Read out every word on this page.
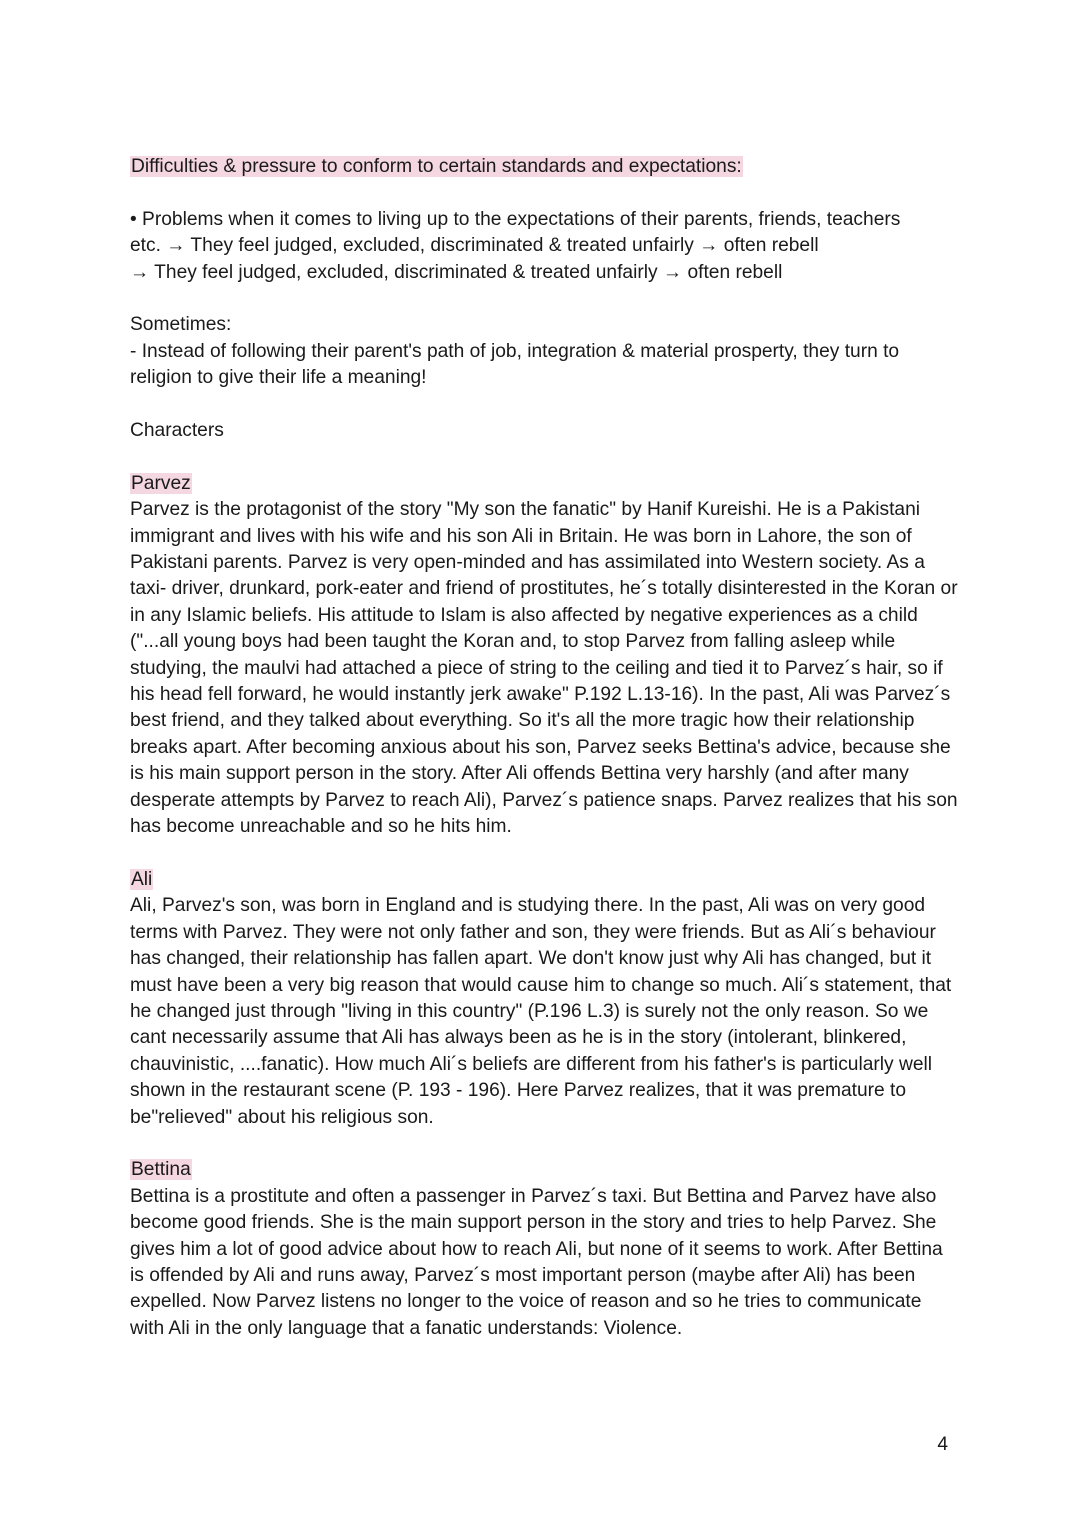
Difficulties & pressure to conform to certain standards and expectations:

• Problems when it comes to living up to the expectations of their parents, friends, teachers

etc. → They feel judged, excluded, discriminated & treated unfairly → often rebell

→ They feel judged, excluded, discriminated & treated unfairly → often rebell

Sometimes:

- Instead of following their parent's path of job, integration & material prosperty, they turn to religion to give their life a meaning!

Characters

Parvez

Parvez is the protagonist of the story "My son the fanatic" by Hanif Kureishi. He is a Pakistani immigrant and lives with his wife and his son Ali in Britain. He was born in Lahore, the son of Pakistani parents. Parvez is very open-minded and has assimilated into Western society. As a taxi- driver, drunkard, pork-eater and friend of prostitutes, he´s totally disinterested in the Koran or in any Islamic beliefs. His attitude to Islam is also affected by negative experiences as a child ("...all young boys had been taught the Koran and, to stop Parvez from falling asleep while studying, the maulvi had attached a piece of string to the ceiling and tied it to Parvez´s hair, so if his head fell forward, he would instantly jerk awake" P.192 L.13-16). In the past, Ali was Parvez´s best friend, and they talked about everything. So it's all the more tragic how their relationship breaks apart. After becoming anxious about his son, Parvez seeks Bettina's advice, because she is his main support person in the story. After Ali offends Bettina very harshly (and after many desperate attempts by Parvez to reach Ali), Parvez´s patience snaps. Parvez realizes that his son has become unreachable and so he hits him.

Ali

Ali, Parvez's son, was born in England and is studying there. In the past, Ali was on very good terms with Parvez. They were not only father and son, they were friends. But as Ali´s behaviour has changed, their relationship has fallen apart. We don't know just why Ali has changed, but it must have been a very big reason that would cause him to change so much. Ali´s statement, that he changed just through "living in this country" (P.196 L.3) is surely not the only reason. So we cant necessarily assume that Ali has always been as he is in the story (intolerant, blinkered,

chauvinistic, ....fanatic). How much Ali´s beliefs are different from his father's is particularly well shown in the restaurant scene (P. 193 - 196). Here Parvez realizes, that it was premature to be"relieved" about his religious son.

Bettina

Bettina is a prostitute and often a passenger in Parvez´s taxi. But Bettina and Parvez have also become good friends. She is the main support person in the story and tries to help Parvez. She gives him a lot of good advice about how to reach Ali, but none of it seems to work. After Bettina is offended by Ali and runs away, Parvez´s most important person (maybe after Ali) has been expelled. Now Parvez listens no longer to the voice of reason and so he tries to communicate with Ali in the only language that a fanatic understands: Violence.

4
